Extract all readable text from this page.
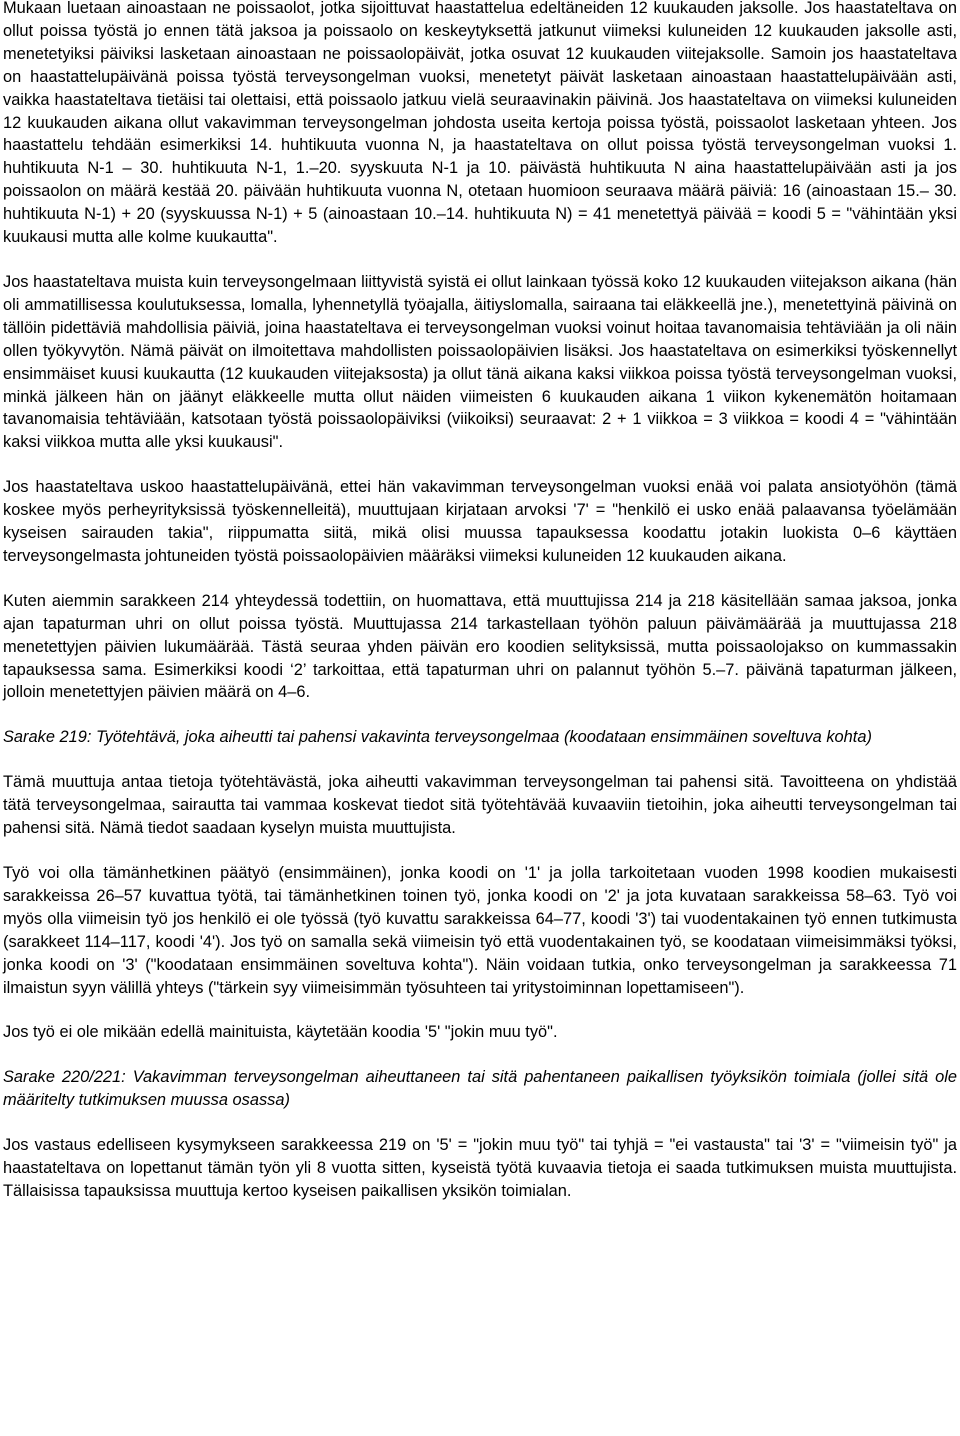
Mukaan luetaan ainoastaan ne poissaolot, jotka sijoittuvat haastattelua edeltäneiden 12 kuukauden jaksolle. Jos haastateltava on ollut poissa työstä jo ennen tätä jaksoa ja poissaolo on keskeytyksettä jatkunut viimeksi kuluneiden 12 kuukauden jaksolle asti, menetetyiksi päiviksi lasketaan ainoastaan ne poissaolopäivät, jotka osuvat 12 kuukauden viitejaksolle. Samoin jos haastateltava on haastattelupäivänä poissa työstä terveysongelman vuoksi, menetetyt päivät lasketaan ainoastaan haastattelupäivään asti, vaikka haastateltava tietäisi tai olettaisi, että poissaolo jatkuu vielä seuraavinakin päivinä. Jos haastateltava on viimeksi kuluneiden 12 kuukauden aikana ollut vakavimman terveysongelman johdosta useita kertoja poissa työstä, poissaolot lasketaan yhteen. Jos haastattelu tehdään esimerkiksi 14. huhtikuuta vuonna N, ja haastateltava on ollut poissa työstä terveysongelman vuoksi 1. huhtikuuta N-1 – 30. huhtikuuta N-1, 1.–20. syyskuuta N-1 ja 10. päivästä huhtikuuta N aina haastattelupäivään asti ja jos poissaolon on määrä kestää 20. päivään huhtikuuta vuonna N, otetaan huomioon seuraava määrä päiviä: 16 (ainoastaan 15.– 30. huhtikuuta N-1) + 20 (syyskuussa N-1) + 5 (ainoastaan 10.–14. huhtikuuta N) = 41 menetettyä päivää = koodi 5 = "vähintään yksi kuukausi mutta alle kolme kuukautta".

Jos haastateltava muista kuin terveysongelmaan liittyvistä syistä ei ollut lainkaan työssä koko 12 kuukauden viitejakson aikana (hän oli ammatillisessa koulutuksessa, lomalla, lyhennetyllä työajalla, äitiyslomalla, sairaana tai eläkkeellä jne.), menetettyinä päivinä on tällöin pidettäviä mahdollisia päiviä, joina haastateltava ei terveysongelman vuoksi voinut hoitaa tavanomaisia tehtäviään ja oli näin ollen työkyvytön. Nämä päivät on ilmoitettava mahdollisten poissaolopäivien lisäksi. Jos haastateltava on esimerkiksi työskennellyt ensimmäiset kuusi kuukautta (12 kuukauden viitejaksosta) ja ollut tänä aikana kaksi viikkoa poissa työstä terveysongelman vuoksi, minkä jälkeen hän on jäänyt eläkkeelle mutta ollut näiden viimeisten 6 kuukauden aikana 1 viikon kykenemätön hoitamaan tavanomaisia tehtäviään, katsotaan työstä poissaolopäiviksi (viikoiksi) seuraavat: 2 + 1 viikkoa = 3 viikkoa = koodi 4 = "vähintään kaksi viikkoa mutta alle yksi kuukausi".

Jos haastateltava uskoo haastattelupäivänä, ettei hän vakavimman terveysongelman vuoksi enää voi palata ansiotyöhön (tämä koskee myös perheyrityksissä työskennelleitä), muuttujaan kirjataan arvoksi '7' = "henkilö ei usko enää palaavansa työelämään kyseisen sairauden takia", riippumatta siitä, mikä olisi muussa tapauksessa koodattu jotakin luokista 0–6 käyttäen terveysongelmasta johtuneiden työstä poissaolopäivien määräksi viimeksi kuluneiden 12 kuukauden aikana.

Kuten aiemmin sarakkeen 214 yhteydessä todettiin, on huomattava, että muuttujissa 214 ja 218 käsitellään samaa jaksoa, jonka ajan tapaturman uhri on ollut poissa työstä. Muuttujassa 214 tarkastellaan työhön paluun päivämäärää ja muuttujassa 218 menetettyjen päivien lukumäärää. Tästä seuraa yhden päivän ero koodien selityksissä, mutta poissaolojakso on kummassakin tapauksessa sama. Esimerkiksi koodi ‘2’ tarkoittaa, että tapaturman uhri on palannut työhön 5.–7. päivänä tapaturman jälkeen, jolloin menetettyjen päivien määrä on 4–6.

Sarake 219: Työtehtävä, joka aiheutti tai pahensi vakavinta terveysongelmaa (koodataan ensimmäinen soveltuva kohta)

Tämä muuttuja antaa tietoja työtehtävästä, joka aiheutti vakavimman terveysongelman tai pahensi sitä. Tavoitteena on yhdistää tätä terveysongelmaa, sairautta tai vammaa koskevat tiedot sitä työtehtävää kuvaaviin tietoihin, joka aiheutti terveysongelman tai pahensi sitä. Nämä tiedot saadaan kyselyn muista muuttujista.

Työ voi olla tämänhetkinen päätyö (ensimmäinen), jonka koodi on '1' ja jolla tarkoitetaan vuoden 1998 koodien mukaisesti sarakkeissa 26–57 kuvattua työtä, tai tämänhetkinen toinen työ, jonka koodi on '2' ja jota kuvataan sarakkeissa 58–63. Työ voi myös olla viimeisin työ jos henkilö ei ole työssä (työ kuvattu sarakkeissa 64–77, koodi '3') tai vuodentakainen työ ennen tutkimusta (sarakkeet 114–117, koodi '4'). Jos työ on samalla sekä viimeisin työ että vuodentakainen työ, se koodataan viimeisimmäksi työksi, jonka koodi on '3' ("koodataan ensimmäinen soveltuva kohta"). Näin voidaan tutkia, onko terveysongelman ja sarakkeessa 71 ilmaistun syyn välillä yhteys ("tärkein syy viimeisimmän työsuhteen tai yritystoiminnan lopettamiseen").

Jos työ ei ole mikään edellä mainituista, käytetään koodia '5' "jokin muu työ".

Sarake 220/221: Vakavimman terveysongelman aiheuttaneen tai sitä pahentaneen paikallisen työyksikön toimiala (jollei sitä ole määritelty tutkimuksen muussa osassa)

Jos vastaus edelliseen kysymykseen sarakkeessa 219 on '5' = "jokin muu työ" tai tyhjä = "ei vastausta" tai '3' = "viimeisin työ" ja haastateltava on lopettanut tämän työn yli 8 vuotta sitten, kyseistä työtä kuvaavia tietoja ei saada tutkimuksen muista muuttujista. Tällaisissa tapauksissa muuttuja kertoo kyseisen paikallisen yksikön toimialan.
